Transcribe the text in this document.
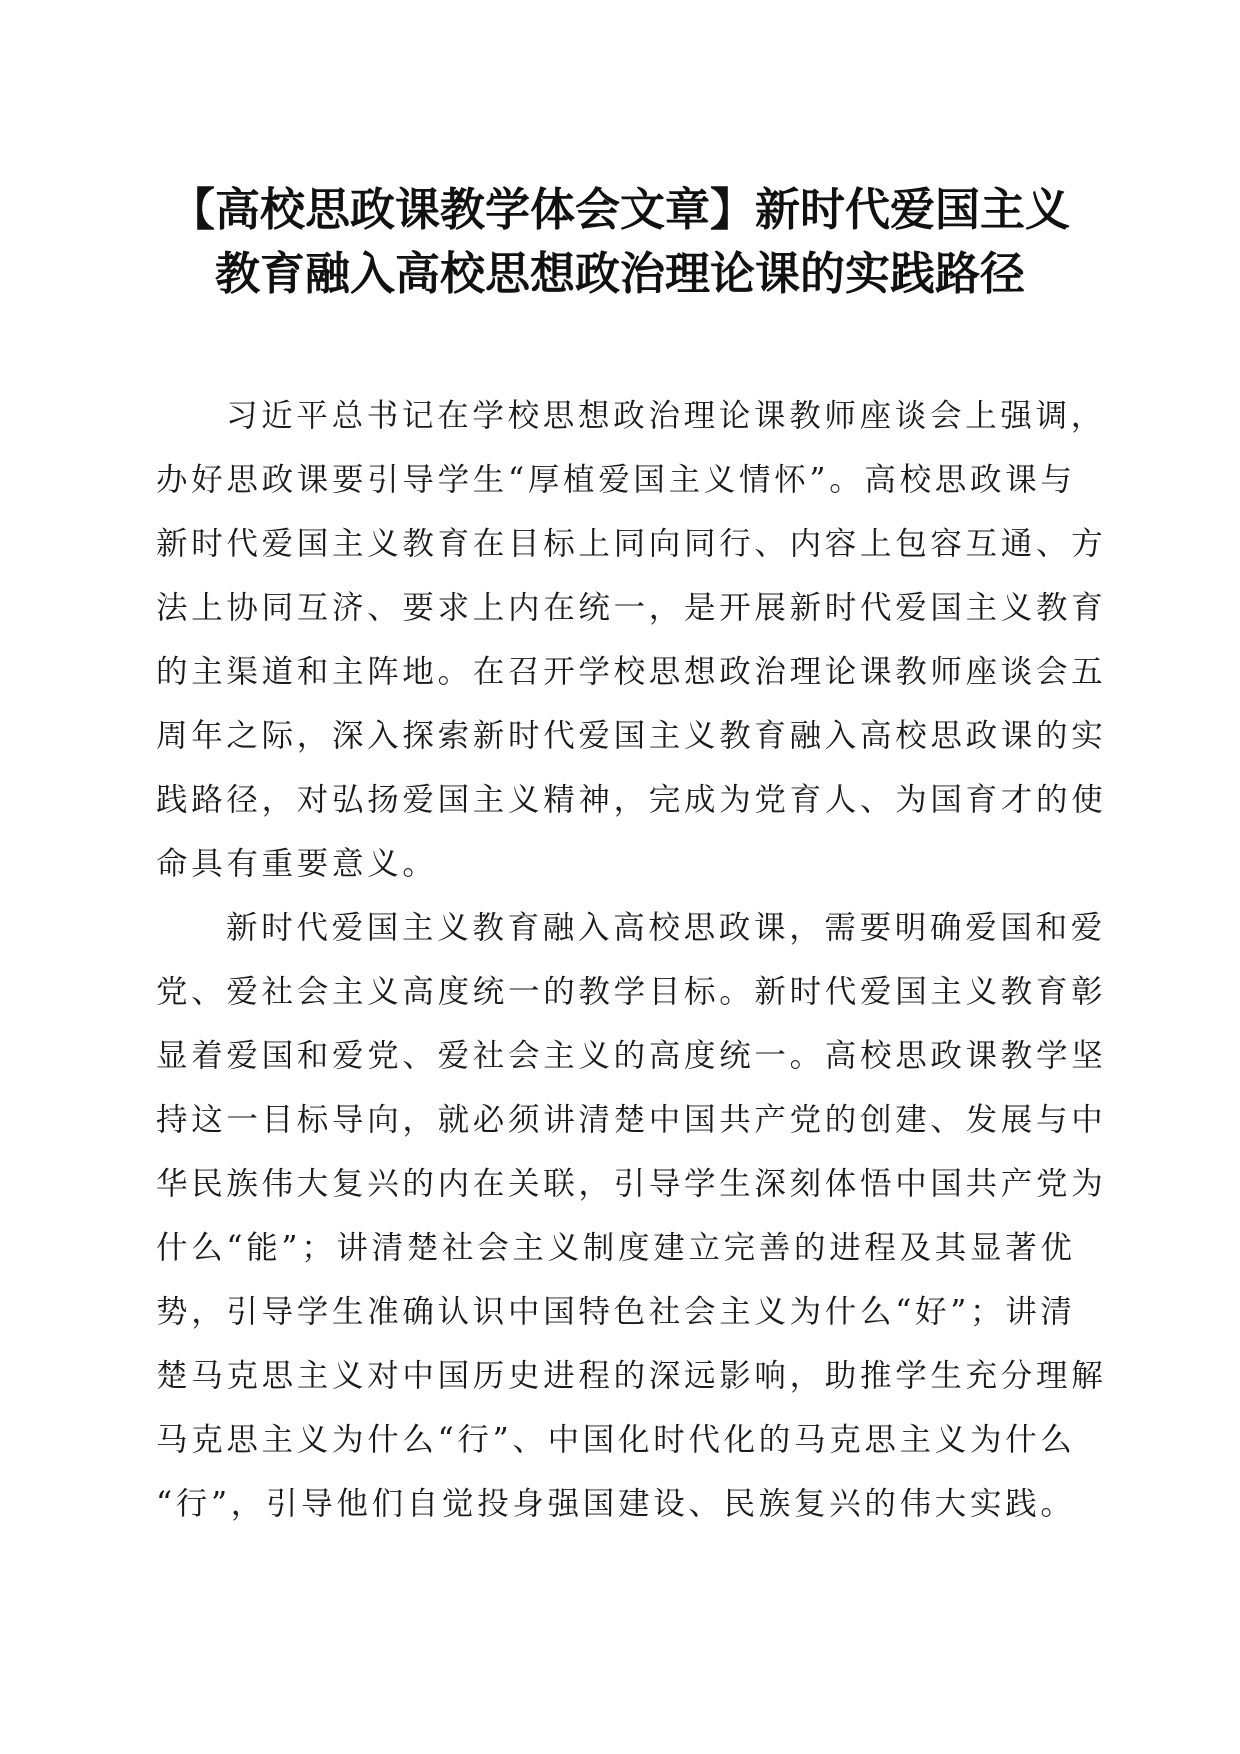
【高校思政课教学体会文章】新时代爱国主义
教育融入高校思想政治理论课的实践路径
习近平总书记在学校思想政治理论课教师座谈会上强调，
办好思政课要引导学生“厚植爱国主义情怀”。高校思政课与
新时代爱国主义教育在目标上同向同行、内容上包容互通、方
法上协同互济、要求上内在统一，是开展新时代爱国主义教育
的主渠道和主阵地。在召开学校思想政治理论课教师座谈会五
周年之际，深入探索新时代爱国主义教育融入高校思政课的实
践路径，对弘扬爱国主义精神，完成为党育人、为国育才的使
命具有重要意义。
新时代爱国主义教育融入高校思政课，需要明确爱国和爱
党、爱社会主义高度统一的教学目标。新时代爱国主义教育彰
显着爱国和爱党、爱社会主义的高度统一。高校思政课教学坚
持这一目标导向，就必须讲清楚中国共产党的创建、发展与中
华民族伟大复兴的内在关联，引导学生深刻体悟中国共产党为
什么“能”；讲清楚社会主义制度建立完善的进程及其显著优
势，引导学生准确认识中国特色社会主义为什么“好”；讲清
楚马克思主义对中国历史进程的深远影响，助推学生充分理解
马克思主义为什么“行”、中国化时代化的马克思主义为什么
“行”，引导他们自觉投身强国建设、民族复兴的伟大实践。
